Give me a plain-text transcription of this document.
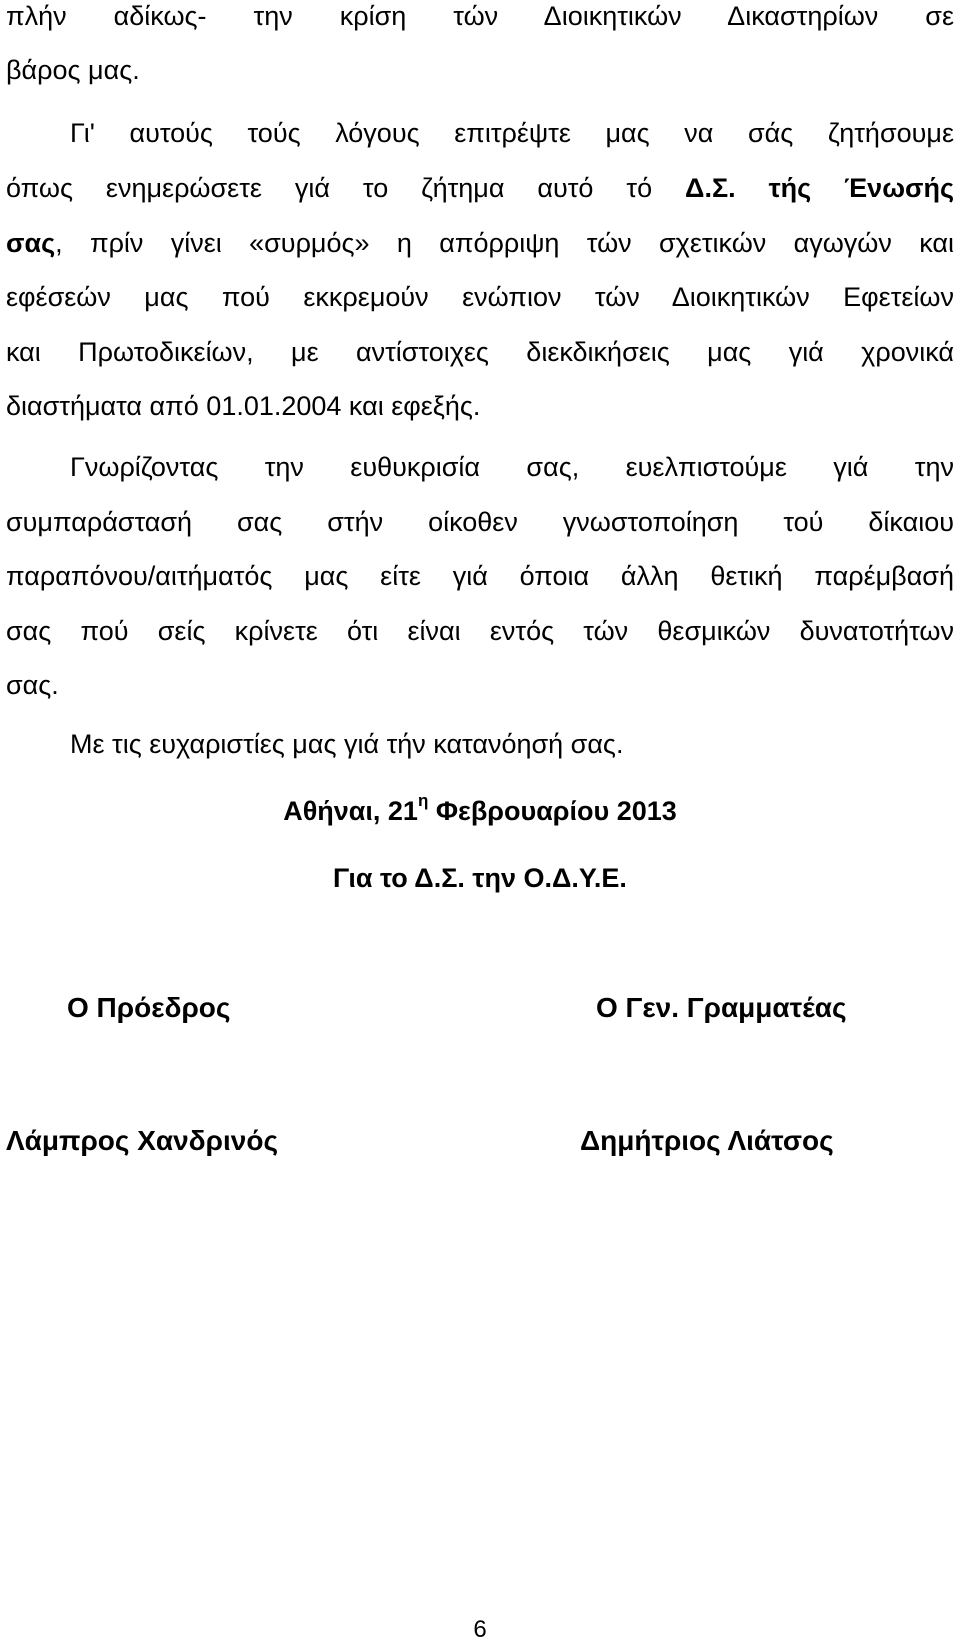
πλήν αδίκως- την κρίση τών Διοικητικών Δικαστηρίων σε
βάρος μας.
Γι' αυτούς τούς λόγους επιτρέψτε μας να σάς ζητήσουμε
όπως ενημερώσετε γιά το ζήτημα αυτό τό Δ.Σ. τής Ένωσής
σας, πρίν γίνει «συρμός» η απόρριψη τών σχετικών αγωγών και
εφέσεών μας πού εκκρεμούν ενώπιον τών Διοικητικών Εφετείων
και Πρωτοδικείων, με αντίστοιχες διεκδικήσεις μας γιά χρονικά
διαστήματα από 01.01.2004 και εφεξής.
Γνωρίζοντας την ευθυκρισία σας, ευελπιστούμε γιά την
συμπαράστασή σας στήν οίκοθεν γνωστοποίηση τού δίκαιου
παραπόνου/αιτήματός μας είτε γιά όποια άλλη θετική παρέμβασή
σας πού σείς κρίνετε ότι είναι εντός τών θεσμικών δυνατοτήτων
σας.
Με τις ευχαριστίες μας γιά τήν κατανόησή σας.
Αθήναι, $21^\eta$ Φεβρουαρίου 2013
Για το Δ.Σ. την Ο.Δ.Υ.Ε.
Ο Πρόεδρος	Ο Γεν. Γραμματέας
Λάμπρος Χανδρινός	Δημήτριος Λιάτσος
6
